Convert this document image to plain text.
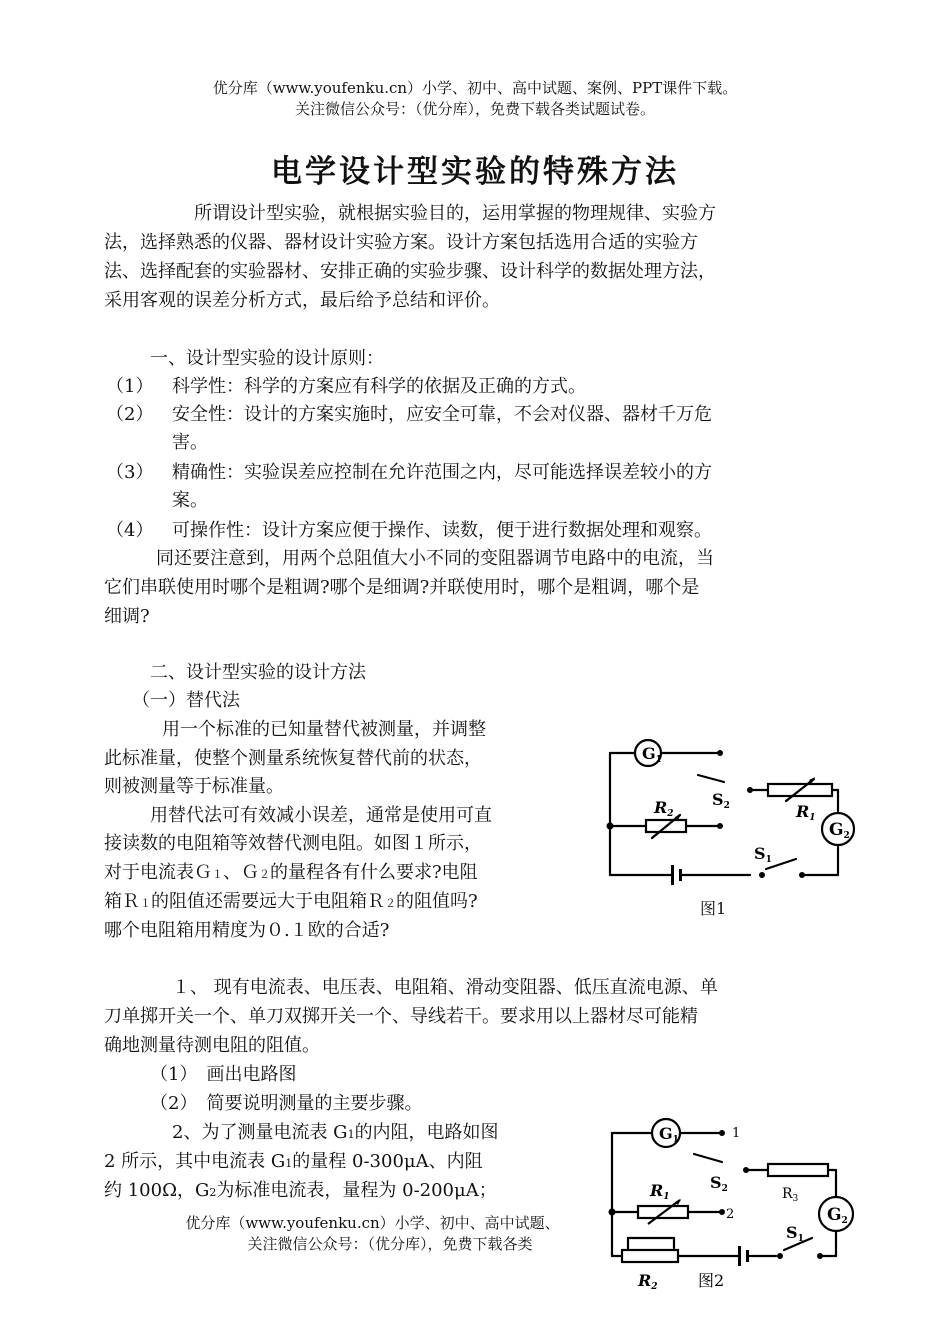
优分库（www.youfenku.cn）小学、初中、高中试题、案例、PPT课件下载。
关注微信公众号：（优分库），免费下载各类试题试卷。
电学设计型实验的特殊方法
所谓设计型实验，就根据实验目的，运用掌握的物理规律、实验方
法，选择熟悉的仪器、器材设计实验方案。设计方案包括选用合适的实验方
法、选择配套的实验器材、安排正确的实验步骤、设计科学的数据处理方法，
采用客观的误差分析方式，最后给予总结和评价。
一、设计型实验的设计原则：
（1） 科学性：科学的方案应有科学的依据及正确的方式。
（2） 安全性：设计的方案实施时，应安全可靠，不会对仪器、器材千万危
害。
（3） 精确性：实验误差应控制在允许范围之内，尽可能选择误差较小的方
案。
（4） 可操作性：设计方案应便于操作、读数，便于进行数据处理和观察。
同还要注意到，用两个总阻值大小不同的变阻器调节电路中的电流，当
它们串联使用时哪个是粗调?哪个是细调?并联使用时，哪个是粗调，哪个是
细调?
二、设计型实验的设计方法
（一）替代法
用一个标准的已知量替代被测量，并调整
此标准量，使整个测量系统恢复替代前的状态，
则被测量等于标准量。
用替代法可有效减小误差，通常是使用可直
接读数的电阻箱等效替代测电阻。如图１所示，
对于电流表Ｇ１、Ｇ２的量程各有什么要求?电阻
箱Ｒ１的阻值还需要远大于电阻箱Ｒ２的阻值吗?
哪个电阻箱用精度为０.１欧的合适?
G1
G2
R2	R1
S2
S1
图1
１、 现有电流表、电压表、电阻箱、滑动变阻器、低压直流电源、单
刀单掷开关一个、单刀双掷开关一个、导线若干。要求用以上器材尽可能精
确地测量待测电阻的阻值。
（1）　画出电路图
（2）　简要说明测量的主要步骤。
2、为了测量电流表 G1的内阻，电路如图
2 所示，其中电流表 G1的量程 0-300μA、内阻
约 100Ω，G2为标准电流表，量程为 0-200μA；
优分库（www.youfenku.cn）小学、初中、高中试题、
关注微信公众号：（优分库），免费下载各类
G1
G2
R1
R2
$R_3$
S2
S1
1
2
图2
